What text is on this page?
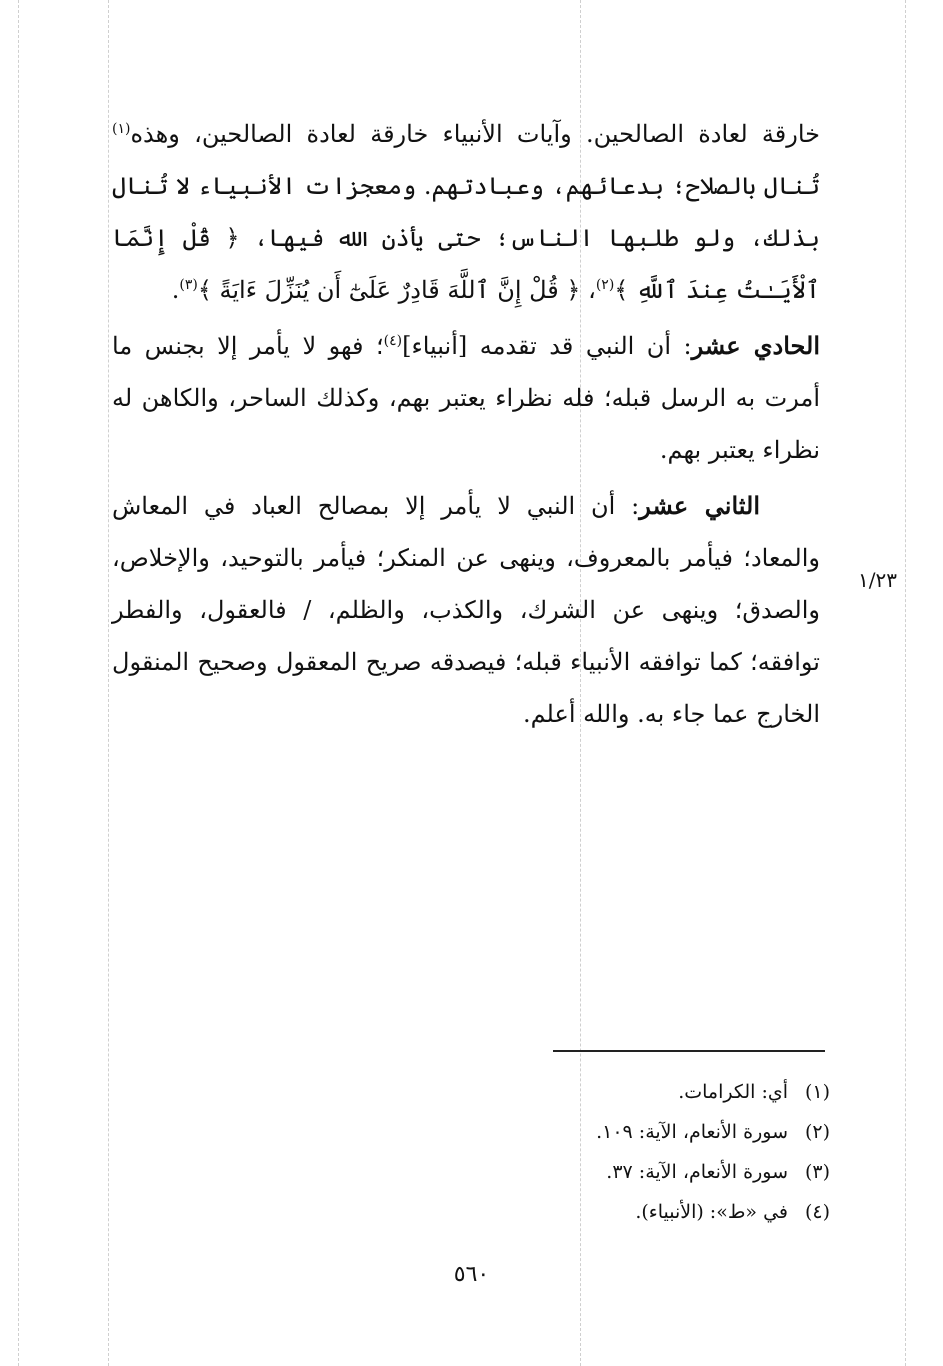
خارقة لعادة الصالحين. وآيات الأنبياء خارقة لعادة الصالحين، وهذه$^{(١)}$ تُنال بالصلاح؛ بدعائهم، وعبادتهم. ومعجزات الأنبياء لا تُنال بذلك، ولو طلبها الناس؛ حتى يأذن الله فيها، ﴿ قُلْ إِنَّمَا ٱلْأَيَـٰتُ عِندَ ٱللَّهِ ﴾$^{(٢)}$، ﴿ قُلْ إِنَّ ٱللَّهَ قَادِرٌ عَلَىٰٓ أَن يُنَزِّلَ ءَايَةً ﴾$^{(٣)}$.

الحادي عشر: أن النبي قد تقدمه [أنبياء]$^{(٤)}$؛ فهو لا يأمر إلا بجنس ما أمرت به الرسل قبله؛ فله نظراء يعتبر بهم، وكذلك الساحر، والكاهن له نظراء يعتبر بهم.

الثاني عشر: أن النبي لا يأمر إلا بمصالح العباد في المعاش والمعاد؛ فيأمر بالمعروف، وينهى عن المنكر؛ فيأمر بالتوحيد، والإخلاص، والصدق؛ وينهى عن الشرك، والكذب، والظلم، / فالعقول، والفطر توافقه؛ كما توافقه الأنبياء قبله؛ فيصدقه صريح المعقول وصحيح المنقول الخارج عما جاء به. والله أعلم.

١/٢٣
(١)أي: الكرامات.
(٢)سورة الأنعام، الآية: ١٠٩.
(٣)سورة الأنعام، الآية: ٣٧.
(٤)في «ط»: (الأنبياء).
٥٦٠
